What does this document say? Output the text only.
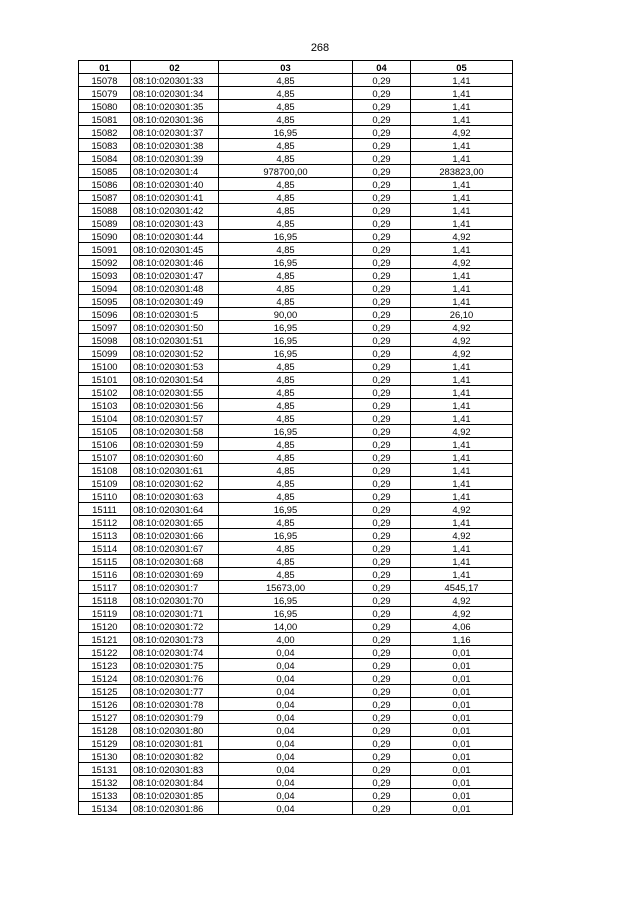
268
01	02	03	04	05
15078	08:10:020301:33	4,85	0,29	1,41
15079	08:10:020301:34	4,85	0,29	1,41
15080	08:10:020301:35	4,85	0,29	1,41
15081	08:10:020301:36	4,85	0,29	1,41
15082	08:10:020301:37	16,95	0,29	4,92
15083	08:10:020301:38	4,85	0,29	1,41
15084	08:10:020301:39	4,85	0,29	1,41
15085	08:10:020301:4	978700,00	0,29	283823,00
15086	08:10:020301:40	4,85	0,29	1,41
15087	08:10:020301:41	4,85	0,29	1,41
15088	08:10:020301:42	4,85	0,29	1,41
15089	08:10:020301:43	4,85	0,29	1,41
15090	08:10:020301:44	16,95	0,29	4,92
15091	08:10:020301:45	4,85	0,29	1,41
15092	08:10:020301:46	16,95	0,29	4,92
15093	08:10:020301:47	4,85	0,29	1,41
15094	08:10:020301:48	4,85	0,29	1,41
15095	08:10:020301:49	4,85	0,29	1,41
15096	08:10:020301:5	90,00	0,29	26,10
15097	08:10:020301:50	16,95	0,29	4,92
15098	08:10:020301:51	16,95	0,29	4,92
15099	08:10:020301:52	16,95	0,29	4,92
15100	08:10:020301:53	4,85	0,29	1,41
15101	08:10:020301:54	4,85	0,29	1,41
15102	08:10:020301:55	4,85	0,29	1,41
15103	08:10:020301:56	4,85	0,29	1,41
15104	08:10:020301:57	4,85	0,29	1,41
15105	08:10:020301:58	16,95	0,29	4,92
15106	08:10:020301:59	4,85	0,29	1,41
15107	08:10:020301:60	4,85	0,29	1,41
15108	08:10:020301:61	4,85	0,29	1,41
15109	08:10:020301:62	4,85	0,29	1,41
15110	08:10:020301:63	4,85	0,29	1,41
15111	08:10:020301:64	16,95	0,29	4,92
15112	08:10:020301:65	4,85	0,29	1,41
15113	08:10:020301:66	16,95	0,29	4,92
15114	08:10:020301:67	4,85	0,29	1,41
15115	08:10:020301:68	4,85	0,29	1,41
15116	08:10:020301:69	4,85	0,29	1,41
15117	08:10:020301:7	15673,00	0,29	4545,17
15118	08:10:020301:70	16,95	0,29	4,92
15119	08:10:020301:71	16,95	0,29	4,92
15120	08:10:020301:72	14,00	0,29	4,06
15121	08:10:020301:73	4,00	0,29	1,16
15122	08:10:020301:74	0,04	0,29	0,01
15123	08:10:020301:75	0,04	0,29	0,01
15124	08:10:020301:76	0,04	0,29	0,01
15125	08:10:020301:77	0,04	0,29	0,01
15126	08:10:020301:78	0,04	0,29	0,01
15127	08:10:020301:79	0,04	0,29	0,01
15128	08:10:020301:80	0,04	0,29	0,01
15129	08:10:020301:81	0,04	0,29	0,01
15130	08:10:020301:82	0,04	0,29	0,01
15131	08:10:020301:83	0,04	0,29	0,01
15132	08:10:020301:84	0,04	0,29	0,01
15133	08:10:020301:85	0,04	0,29	0,01
15134	08:10:020301:86	0,04	0,29	0,01
